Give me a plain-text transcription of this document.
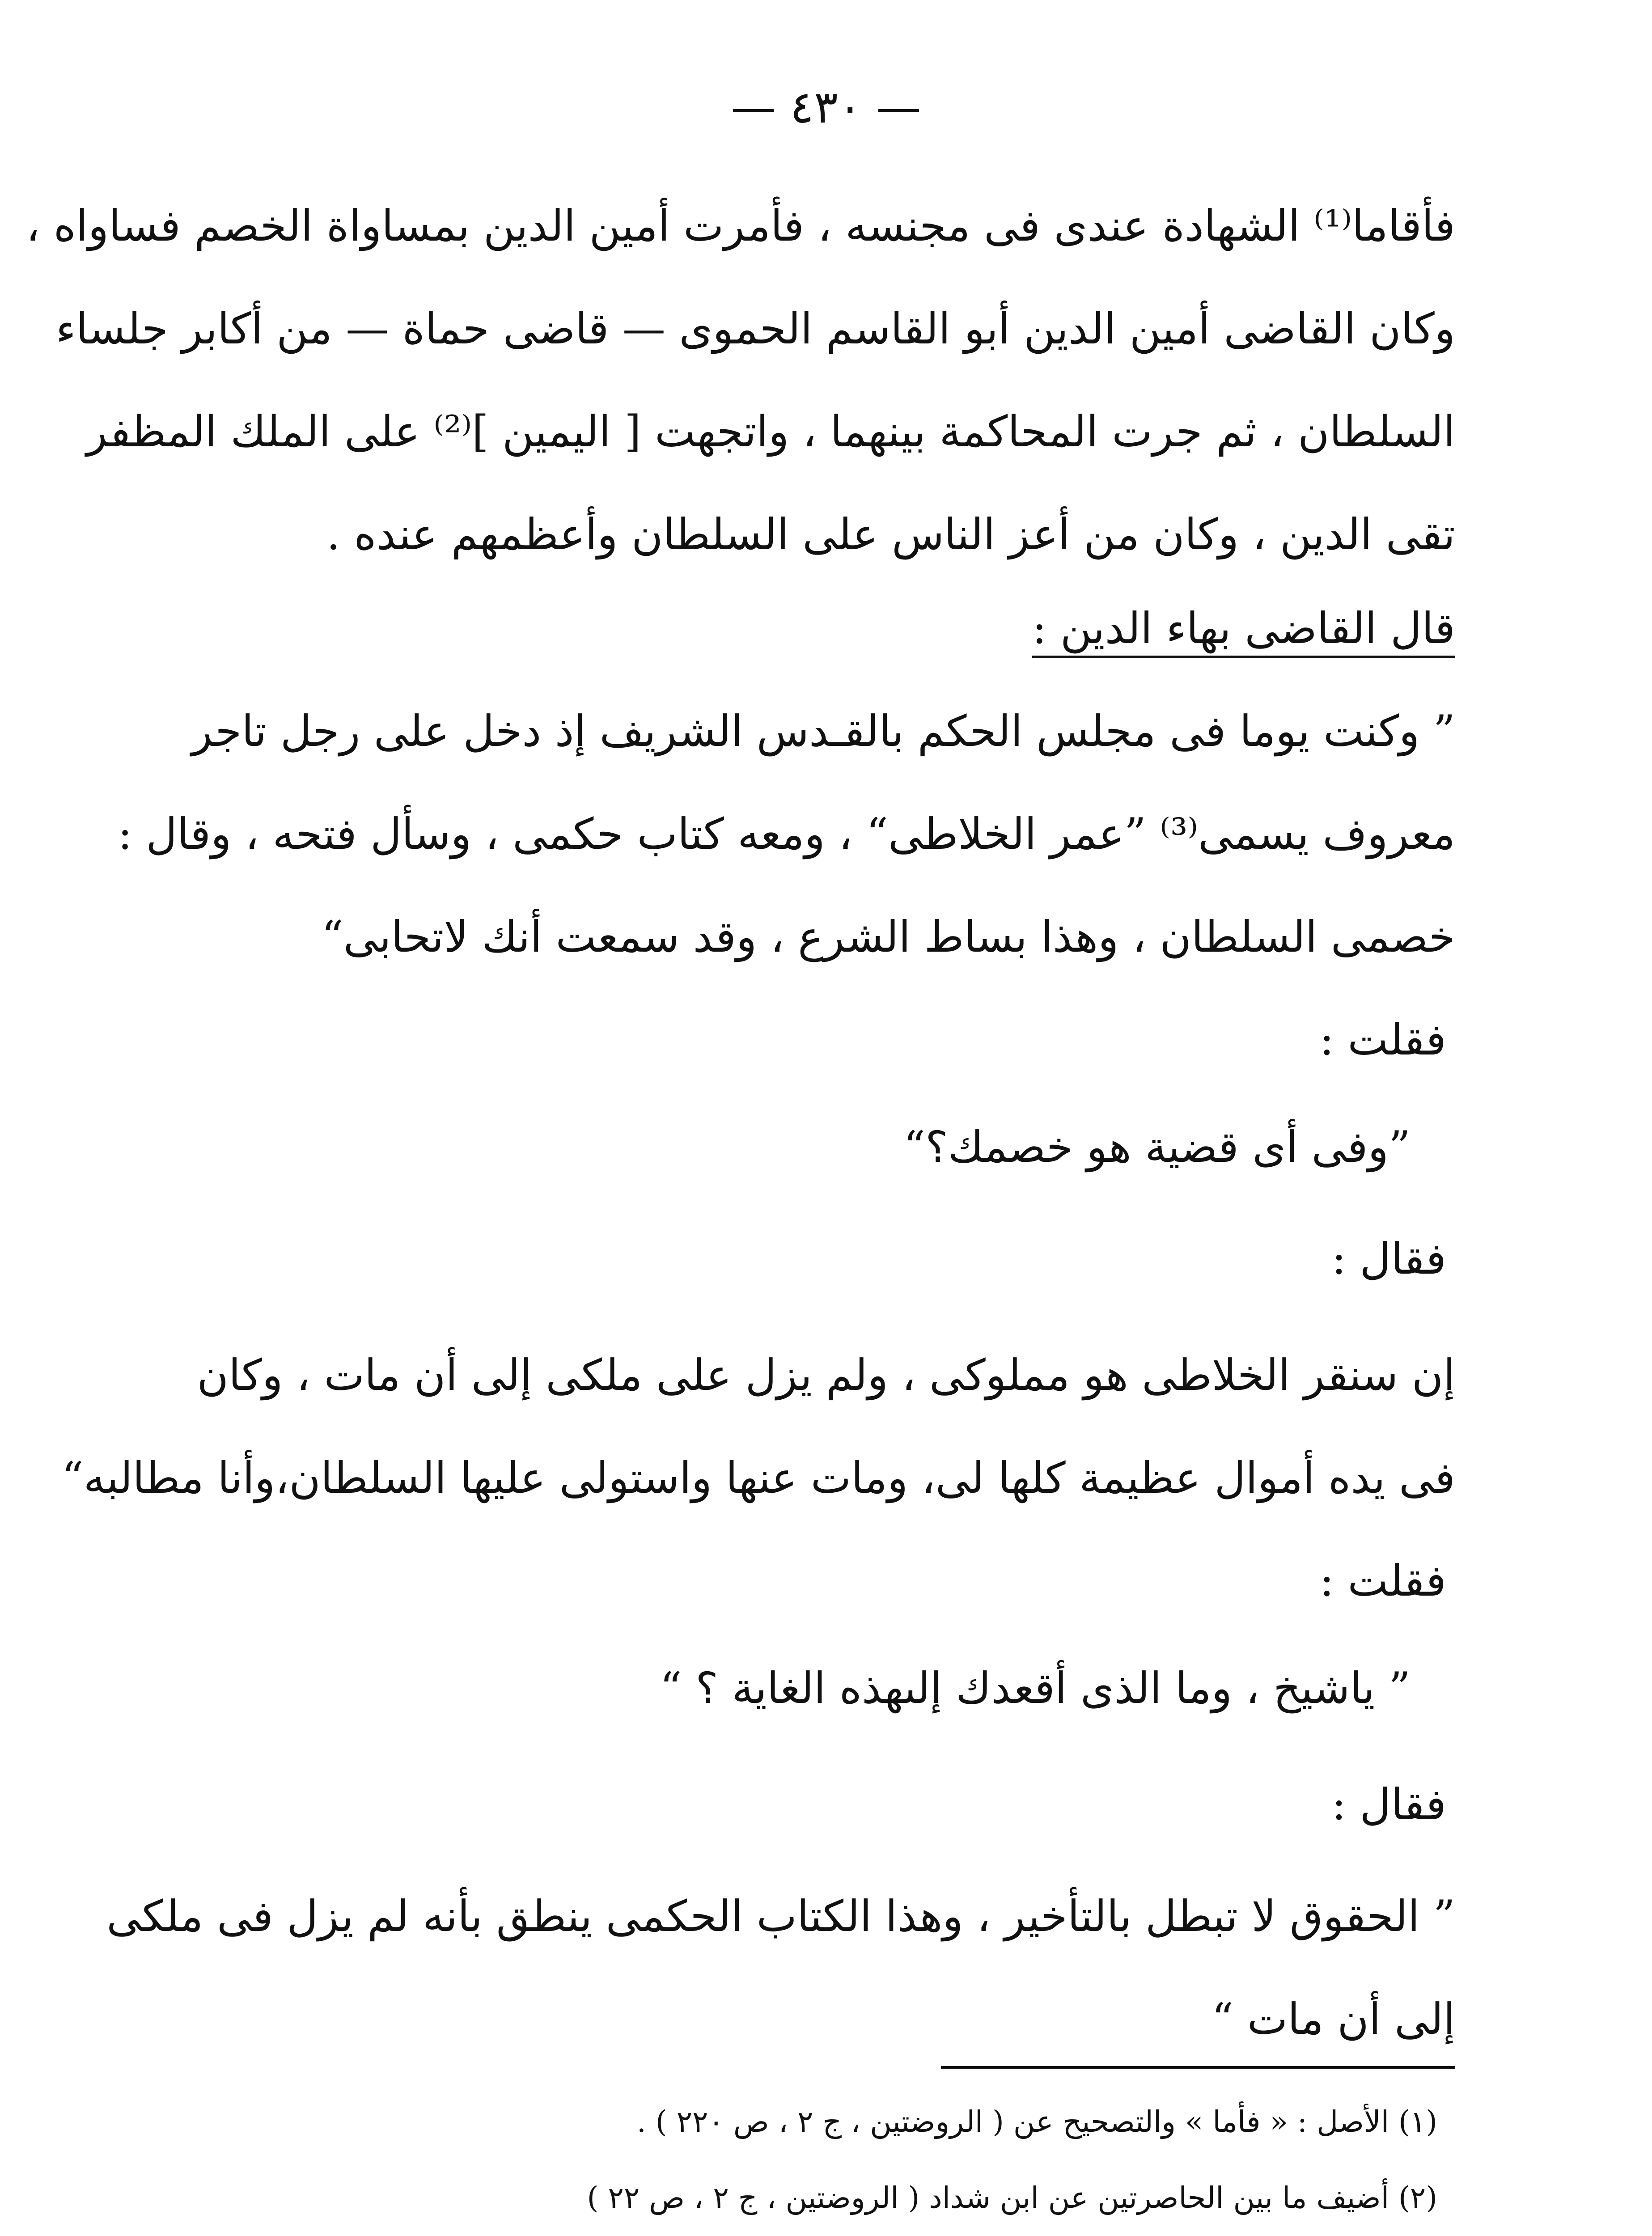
— ٤٣٠ —
فأقاما⁽¹⁾ الشهادة عندى فى مجنسه ، فأمرت أمين الدين بمساواة الخصم فساواه ،
وكان القاضى أمين الدين أبو القاسم الحموى — قاضى حماة — من أكابر جلساء
السلطان ، ثم جرت المحاكمة بينهما ، واتجهت [ اليمين ]⁽²⁾ على الملك المظفر
تقى الدين ، وكان من أعز الناس على السلطان وأعظمهم عنده .
قال القاضى بهاء الدين :
” وكنت يوما فى مجلس الحكم بالقـدس الشريف إذ دخل على رجل تاجر
معروف يسمى⁽³⁾ ”عمر الخلاطى“ ، ومعه كتاب حكمى ، وسأل فتحه ، وقال :
خصمى السلطان ، وهذا بساط الشرع ، وقد سمعت أنك لاتحابى“
فقلت :
”وفى أى قضية هو خصمك؟“
فقال :
إن سنقر الخلاطى هو مملوكى ، ولم يزل على ملكى إلى أن مات ، وكان
فى يده أموال عظيمة كلها لى، ومات عنها واستولى عليها السلطان،وأنا مطالبه“
فقلت :
” ياشيخ ، وما الذى أقعدك إلىهذه الغاية ؟ “
فقال :
” الحقوق لا تبطل بالتأخير ، وهذا الكتاب الحكمى ينطق بأنه لم يزل فى ملكى
إلى أن مات “
(١) الأصل : « فأما » والتصحيح عن ( الروضتين ، ج ٢ ، ص ٢٢٠ ) .
(٢) أضيف ما بين الحاصرتين عن ابن شداد ( الروضتين ، ج ٢ ، ص ٢٢ )
